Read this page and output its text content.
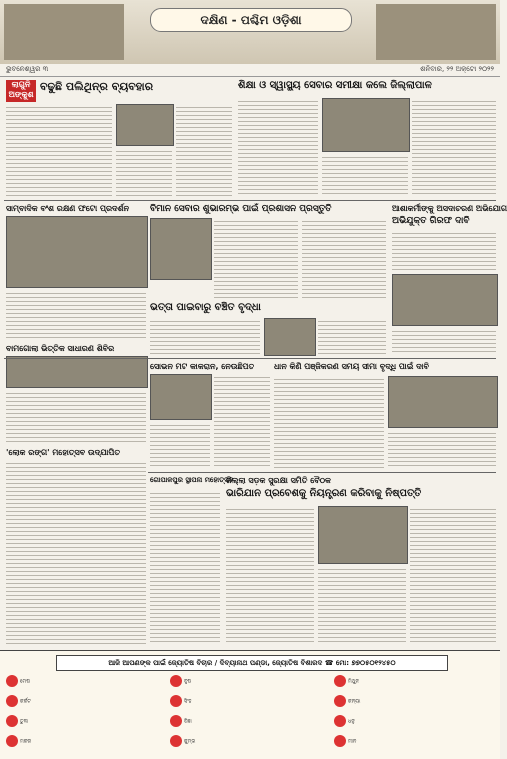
ଦକ୍ଷିଣ - ପଶ୍ଚିମ ଓଡ଼ିଶା
ଭୁବନେଶ୍ୱର ୩	ଶନିବାର, ୨୨ ଅକ୍ଟୋ ୨୦୨୨
ଲାଗୁନି ଅଙ୍କୁଶ
ବଢୁଛି ପଲିଥିନ୍‌ର ବ୍ୟବହାର	ଶିକ୍ଷା ଓ ସ୍ୱାସ୍ଥ୍ୟ ସେବାର ସମୀକ୍ଷା କଲେ ଜିଲ୍ଲାପାଳ
ସାମ୍ବାଦିକ ବଂଶ ରକ୍ଷଣ ଫଟୋ ପ୍ରଦର୍ଶନ	ବିମାନ ସେବାର ଶୁଭାରମ୍ଭ ପାଇଁ ପ୍ରଶାସନ ପ୍ରସ୍ତୁତି
ଭତ୍ତା ପାଇବାରୁ ବଞ୍ଚିତ ବୃଦ୍ଧା
ଆଶାକର୍ମୀଙ୍କୁ ଅସଦାଚରଣ ଅଭିଯୋଗ
ଅଭିଯୁକ୍ତ ଗିରଫ ଦାବି
ବାମଗୋଲା ଭିତ୍ତିକ ସାଧାରଣ ଶିବିର
ସୋଭନ ମଟ କାକରାନ, ନେଉଛିପତ	ଧାନ କିଣି ପଞ୍ଜିକରଣ ସମୟ ସୀମା ବୃଦ୍ଧି ପାଇଁ ଦାବି
'ଲୋକ ରଙ୍ଗ' ମହୋତ୍ସବ ଉଦ୍‌ଯାପିତ
ଗୋପାଳପୁର ସ୍ଥାପନା ମହୋତ୍ସବ
ଜିଲ୍ଲା ସଡ଼କ ସୁରକ୍ଷା ସମିତି ବୈଠକ
ଭାରିଯାନ ପ୍ରବେଶକୁ ନିୟନ୍ତ୍ରଣ କରିବାକୁ ନିଷ୍ପତ୍ତି
ଆଜି ଆପଣଙ୍କ ପାଇଁ ଜ୍ୟୋତିଷ ବିଚାର / ଦିବ୍ୟାନାଥ ପଣ୍ଡା, ଜ୍ୟୋତିଷ ବିଶାରଦ ☎ ମୋ: ୭୭୦୫୦୧୨୪୫୦
ମେଷ	ବୃଷ	ମିଥୁନ
କର୍କଟ	ସିଂହ	କନ୍ୟା
ତୁଳା	ବିଛା	ଧନୁ
ମକର	କୁମ୍ଭ	ମୀନ
